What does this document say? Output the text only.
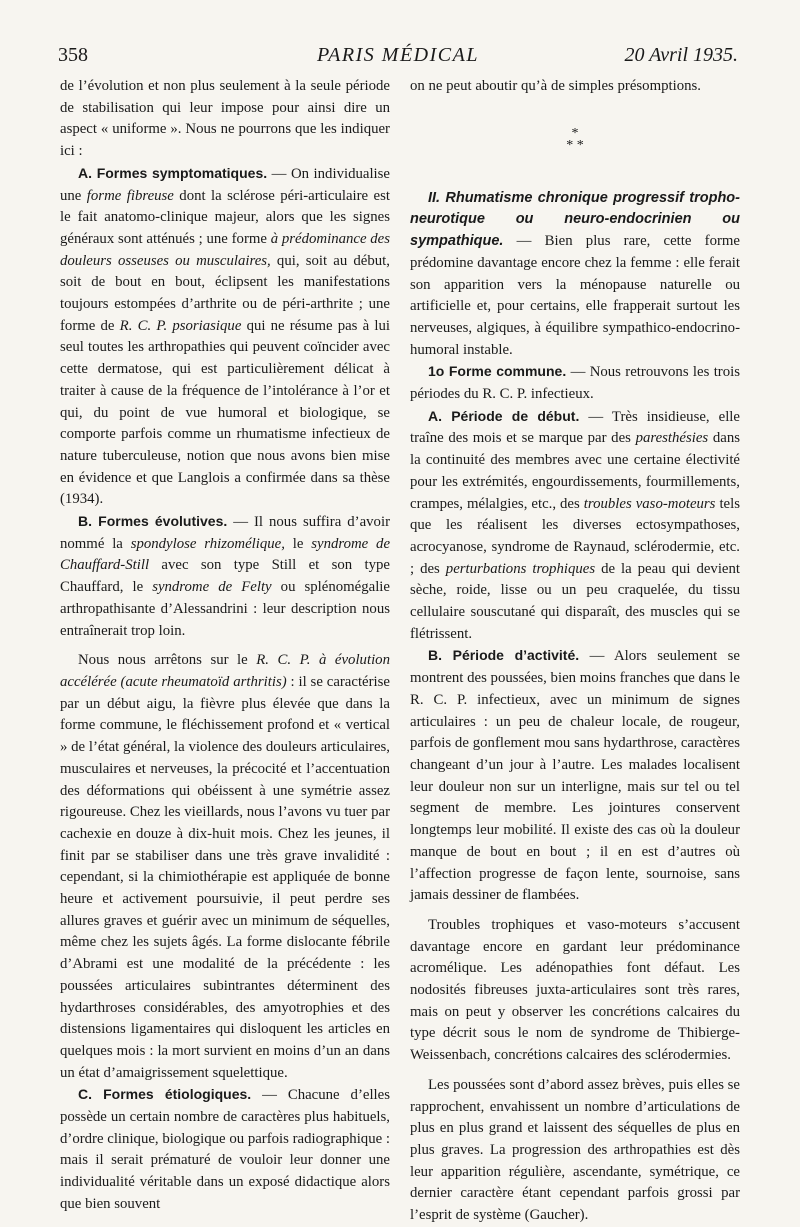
358	PARIS MÉDICAL	20 Avril 1935.

de l’évolution et non plus seulement à la seule période de stabilisation qui leur impose pour ainsi dire un aspect « uniforme ». Nous ne pourrons que les indiquer ici :

A. Formes symptomatiques. — On individualise une forme fibreuse dont la sclérose péri-articulaire est le fait anatomo-clinique majeur, alors que les signes généraux sont atténués ; une forme à prédominance des douleurs osseuses ou musculaires, qui, soit au début, soit de bout en bout, éclipsent les manifestations toujours estompées d’arthrite ou de péri-arthrite ; une forme de R. C. P. psoriasique qui ne résume pas à lui seul toutes les arthropathies qui peuvent coïncider avec cette dermatose, qui est particulièrement délicat à traiter à cause de la fréquence de l’intolérance à l’or et qui, du point de vue humoral et biologique, se comporte parfois comme un rhumatisme infectieux de nature tuberculeuse, notion que nous avons bien mise en évidence et que Langlois a confirmée dans sa thèse (1934).

B. Formes évolutives. — Il nous suffira d’avoir nommé la spondylose rhizomélique, le syndrome de Chauffard-Still avec son type Still et son type Chauffard, le syndrome de Felty ou splénomégalie arthropathisante d’Alessandrini : leur description nous entraînerait trop loin.

Nous nous arrêtons sur le R. C. P. à évolution accélérée (acute rheumatoïd arthritis) : il se caractérise par un début aigu, la fièvre plus élevée que dans la forme commune, le fléchissement profond et « vertical » de l’état général, la violence des douleurs articulaires, musculaires et nerveuses, la précocité et l’accentuation des déformations qui obéissent à une symétrie assez rigoureuse. Chez les vieillards, nous l’avons vu tuer par cachexie en douze à dix-huit mois. Chez les jeunes, il finit par se stabiliser dans une très grave invalidité : cependant, si la chimiothérapie est appliquée de bonne heure et activement poursuivie, il peut perdre ses allures graves et guérir avec un minimum de séquelles, même chez les sujets âgés. La forme dislocante fébrile d’Abrami est une modalité de la précédente : les poussées articulaires subintrantes déterminent des hydarthroses considérables, des amyotrophies et des distensions ligamentaires qui disloquent les articles en quelques mois : la mort survient en moins d’un an dans un état d’amaigrissement squelettique.

C. Formes étiologiques. — Chacune d’elles possède un certain nombre de caractères plus habituels, d’ordre clinique, biologique ou parfois radiographique : mais il serait prématuré de vouloir leur donner une individualité véritable dans un exposé didactique alors que bien souvent

on ne peut aboutir qu’à de simples présomptions.

*
* *

II. Rhumatisme chronique progressif tropho-neurotique ou neuro-endocrinien ou sympathique. — Bien plus rare, cette forme prédomine davantage encore chez la femme : elle ferait son apparition vers la ménopause naturelle ou artificielle et, pour certains, elle frapperait surtout les nerveuses, algiques, à équilibre sympathico-endocrino-humoral instable.

1o Forme commune. — Nous retrouvons les trois périodes du R. C. P. infectieux.

A. Période de début. — Très insidieuse, elle traîne des mois et se marque par des paresthésies dans la continuité des membres avec une certaine électivité pour les extrémités, engourdissements, fourmillements, crampes, mélalgies, etc., des troubles vaso-moteurs tels que les réalisent les diverses ectosympathoses, acrocyanose, syndrome de Raynaud, sclérodermie, etc. ; des perturbations trophiques de la peau qui devient sèche, roide, lisse ou un peu craquelée, du tissu cellulaire souscutané qui disparaît, des muscles qui se flétrissent.

B. Période d’activité. — Alors seulement se montrent des poussées, bien moins franches que dans le R. C. P. infectieux, avec un minimum de signes articulaires : un peu de chaleur locale, de rougeur, parfois de gonflement mou sans hydarthrose, caractères changeant d’un jour à l’autre. Les malades localisent leur douleur non sur un interligne, mais sur tel ou tel segment de membre. Les jointures conservent longtemps leur mobilité. Il existe des cas où la douleur manque de bout en bout ; il en est d’autres où l’affection progresse de façon lente, sournoise, sans jamais dessiner de flambées.

Troubles trophiques et vaso-moteurs s’accusent davantage encore en gardant leur prédominance acromélique. Les adénopathies font défaut. Les nodosités fibreuses juxta-articulaires sont très rares, mais on peut y observer les concrétions calcaires du type décrit sous le nom de syndrome de Thibierge-Weissenbach, concrétions calcaires des sclérodermies.

Les poussées sont d’abord assez brèves, puis elles se rapprochent, envahissent un nombre d’articulations de plus en plus grand et laissent des séquelles de plus en plus graves. La progression des arthropathies est dès leur apparition régulière, ascendante, symétrique, ce dernier caractère étant cependant parfois grossi par l’esprit de système (Gaucher).
